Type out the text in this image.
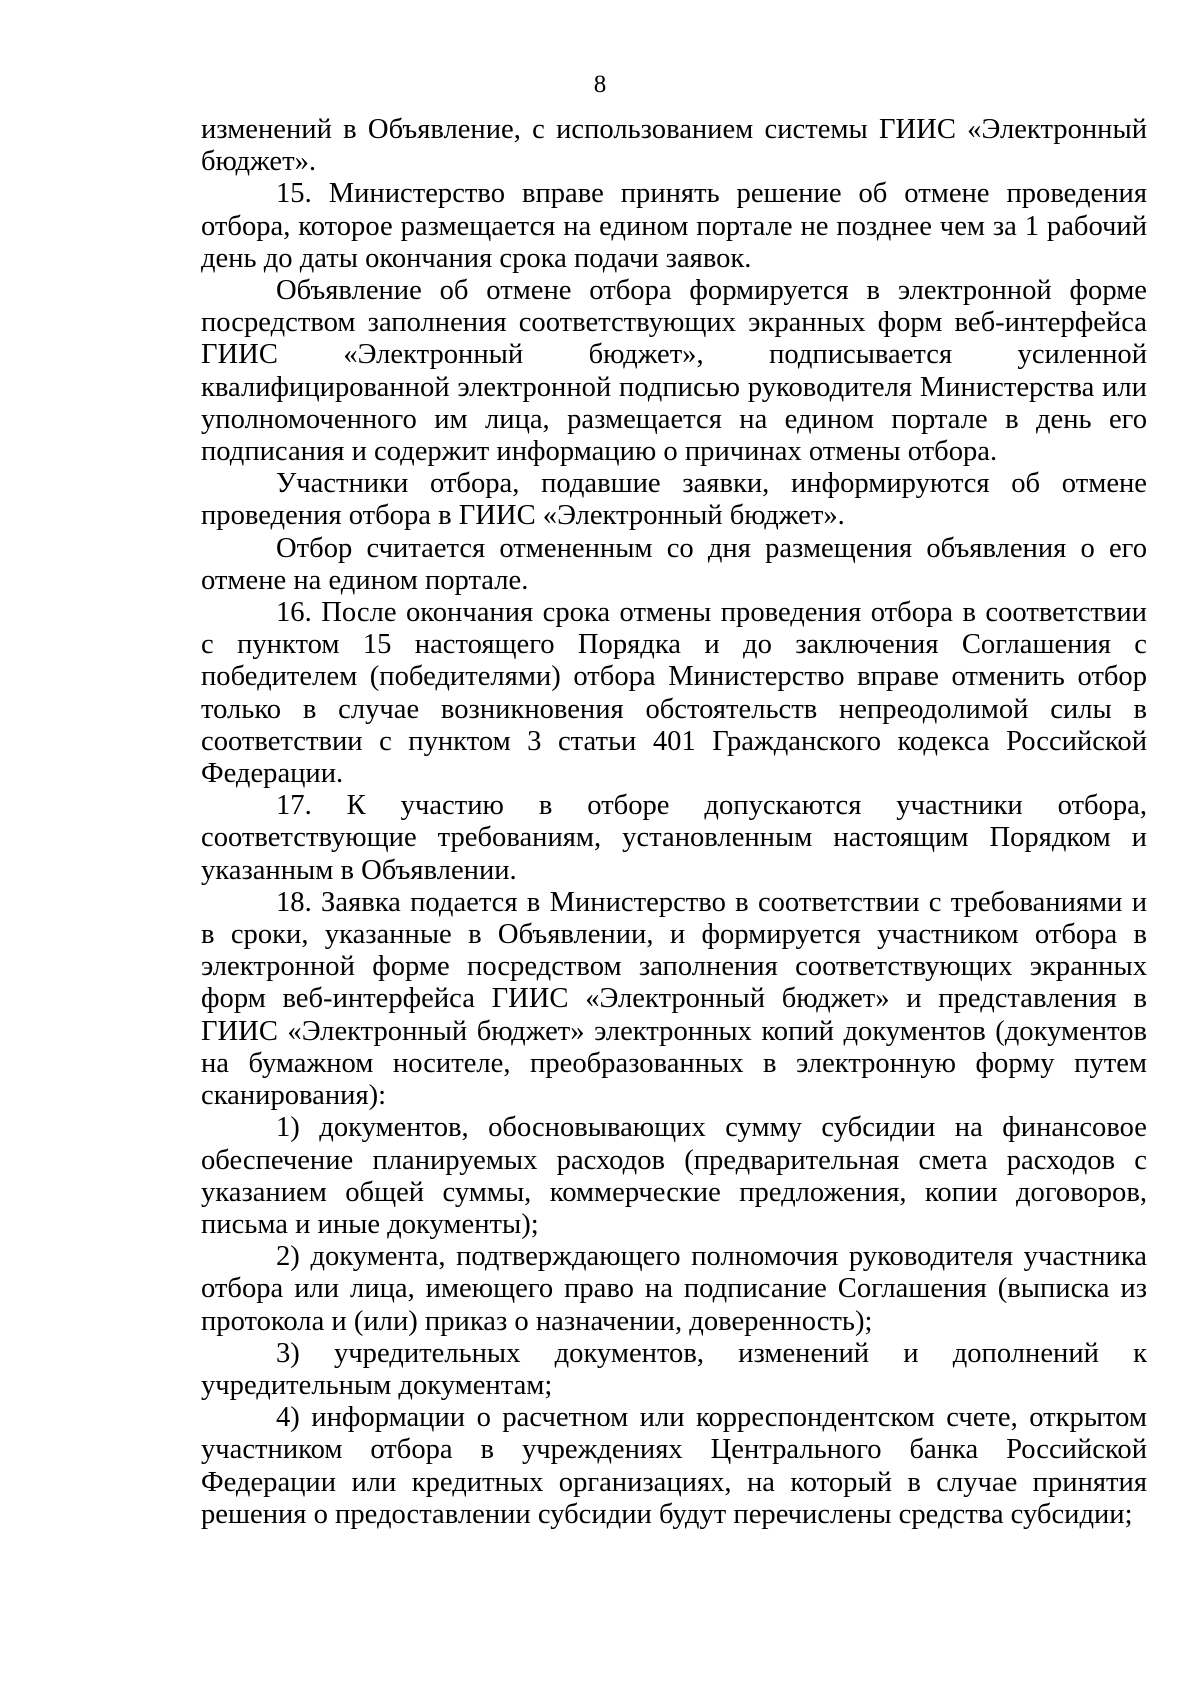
8

изменений в Объявление, с использованием системы ГИИС «Электронный бюджет».

15. Министерство вправе принять решение об отмене проведения отбора, которое размещается на едином портале не позднее чем за 1 рабочий день до даты окончания срока подачи заявок.

Объявление об отмене отбора формируется в электронной форме посредством заполнения соответствующих экранных форм веб-интерфейса ГИИС «Электронный бюджет», подписывается усиленной квалифицированной электронной подписью руководителя Министерства или уполномоченного им лица, размещается на едином портале в день его подписания и содержит информацию о причинах отмены отбора.

Участники отбора, подавшие заявки, информируются об отмене проведения отбора в ГИИС «Электронный бюджет».

Отбор считается отмененным со дня размещения объявления о его отмене на едином портале.

16. После окончания срока отмены проведения отбора в соответствии с пунктом 15 настоящего Порядка и до заключения Соглашения с победителем (победителями) отбора Министерство вправе отменить отбор только в случае возникновения обстоятельств непреодолимой силы в соответствии с пунктом 3 статьи 401 Гражданского кодекса Российской Федерации.

17. К участию в отборе допускаются участники отбора, соответствующие требованиям, установленным настоящим Порядком и указанным в Объявлении.

18. Заявка подается в Министерство в соответствии с требованиями и в сроки, указанные в Объявлении, и формируется участником отбора в электронной форме посредством заполнения соответствующих экранных форм веб-интерфейса ГИИС «Электронный бюджет» и представления в ГИИС «Электронный бюджет» электронных копий документов (документов на бумажном носителе, преобразованных в электронную форму путем сканирования):

1) документов, обосновывающих сумму субсидии на финансовое обеспечение планируемых расходов (предварительная смета расходов с указанием общей суммы, коммерческие предложения, копии договоров, письма и иные документы);

2) документа, подтверждающего полномочия руководителя участника отбора или лица, имеющего право на подписание Соглашения (выписка из протокола и (или) приказ о назначении, доверенность);

3) учредительных документов, изменений и дополнений к учредительным документам;

4) информации о расчетном или корреспондентском счете, открытом участником отбора в учреждениях Центрального банка Российской Федерации или кредитных организациях, на который в случае принятия решения о предоставлении субсидии будут перечислены средства субсидии;
